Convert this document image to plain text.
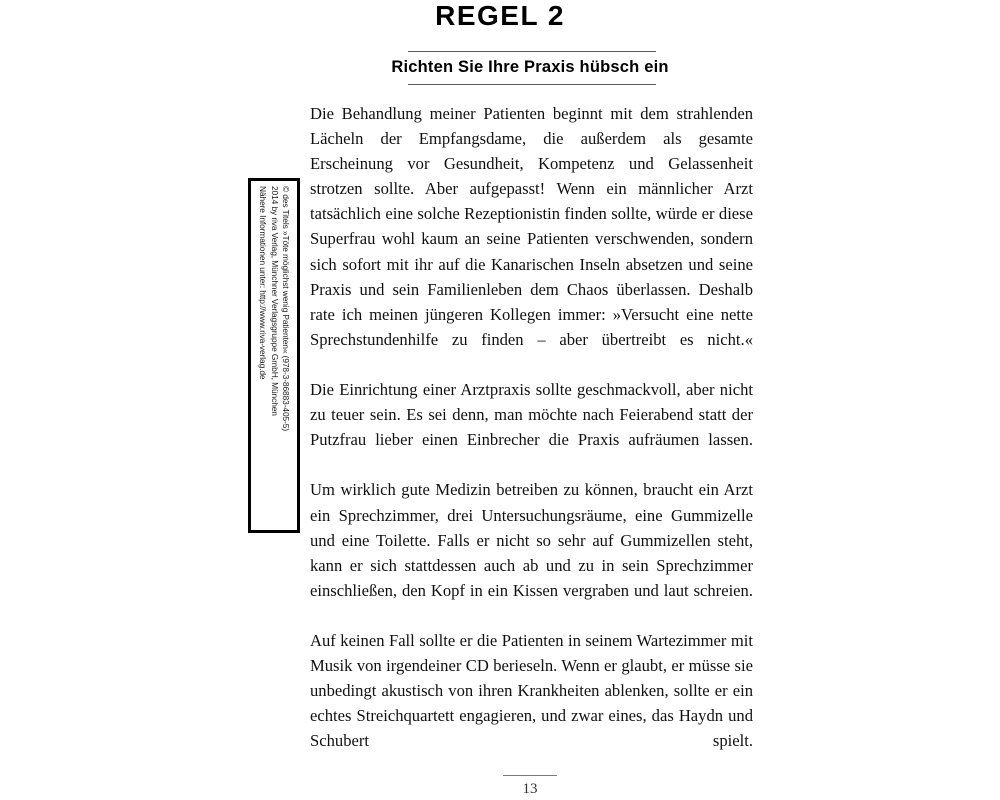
REGEL 2
Richten Sie Ihre Praxis hübsch ein

Die Behandlung meiner Patienten beginnt mit dem strahlenden Lächeln der Empfangsdame, die außerdem als gesamte Erscheinung vor Gesundheit, Kompetenz und Gelassenheit strotzen sollte. Aber aufgepasst! Wenn ein männlicher Arzt tatsächlich eine solche Rezeptionistin finden sollte, würde er diese Superfrau wohl kaum an seine Patienten verschwenden, sondern sich sofort mit ihr auf die Kanarischen Inseln absetzen und seine Praxis und sein Familienleben dem Chaos überlassen. Deshalb rate ich meinen jüngeren Kollegen immer: »Versucht eine nette Sprechstundenhilfe zu finden – aber übertreibt es nicht.«

Die Einrichtung einer Arztpraxis sollte geschmackvoll, aber nicht zu teuer sein. Es sei denn, man möchte nach Feierabend statt der Putzfrau lieber einen Einbrecher die Praxis aufräumen lassen.

Um wirklich gute Medizin betreiben zu können, braucht ein Arzt ein Sprechzimmer, drei Untersuchungsräume, eine Gummizelle und eine Toilette. Falls er nicht so sehr auf Gummizellen steht, kann er sich stattdessen auch ab und zu in sein Sprechzimmer einschließen, den Kopf in ein Kissen vergraben und laut schreien.

Auf keinen Fall sollte er die Patienten in seinem Wartezimmer mit Musik von irgendeiner CD berieseln. Wenn er glaubt, er müsse sie unbedingt akustisch von ihren Krankheiten ablenken, sollte er ein echtes Streichquartett engagieren, und zwar eines, das Haydn und Schubert spielt.

© des Titels »Töte möglichst wenig Patienten« (978-3-86883-405-5)
2014 by riva Verlag, Münchner Verlagsgruppe GmbH, München
Nähere Informationen unter: http://www.riva-verlag.de
13
